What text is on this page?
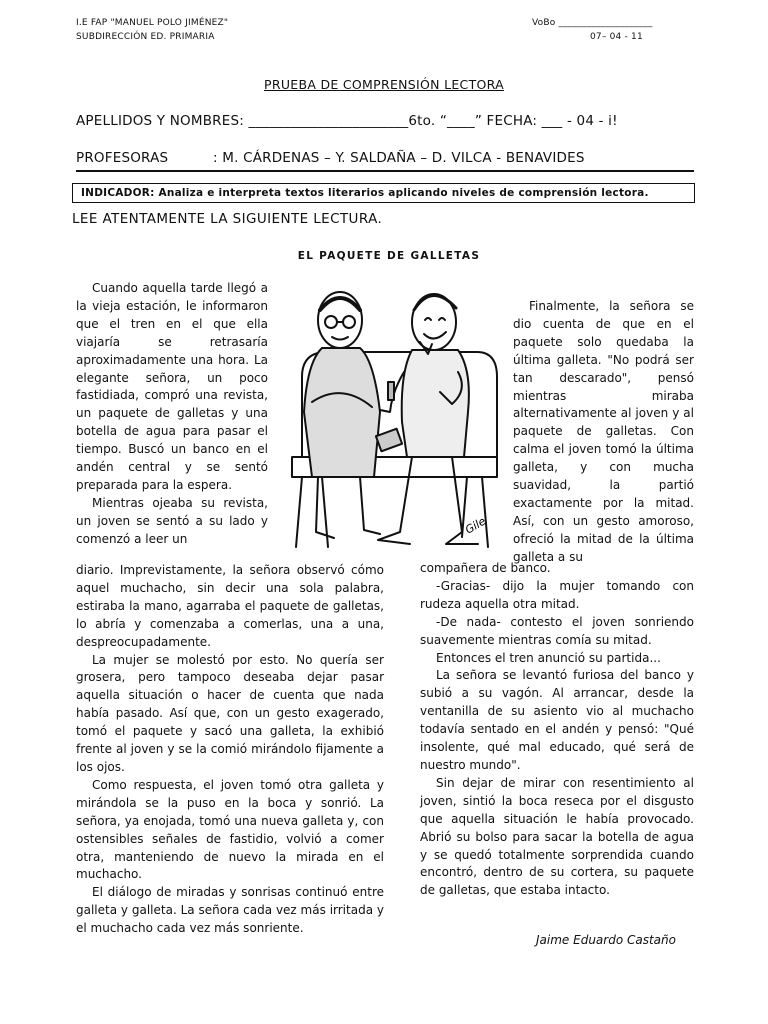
I.E FAP "MANUEL POLO JIMÉNEZ"
SUBDIRECCIÓN ED. PRIMARIA
VoBo ____________________
07– 04 - 11
PRUEBA DE COMPRENSIÓN LECTORA
APELLIDOS Y NOMBRES: _______________________6to. “____” FECHA: ___ - 04 - i!
PROFESORAS	: M. CÁRDENAS – Y. SALDAÑA – D. VILCA - BENAVIDES
INDICADOR: Analiza e interpreta textos literarios aplicando niveles de comprensión lectora.
LEE ATENTAMENTE LA SIGUIENTE LECTURA.
EL PAQUETE DE GALLETAS

Cuando aquella tarde llegó a la vieja estación, le informaron que el tren en el que ella viajaría se retrasaría aproximadamente una hora. La elegante señora, un poco fastidiada, compró una revista, un paquete de galletas y una botella de agua para pasar el tiempo. Buscó un banco en el andén central y se sentó preparada para la espera.

Mientras ojeaba su revista, un joven se sentó a su lado y comenzó a leer un

diario. Imprevistamente, la señora observó cómo aquel muchacho, sin decir una sola palabra, estiraba la mano, agarraba el paquete de galletas, lo abría y comenzaba a comerlas, una a una, despreocupadamente.

La mujer se molestó por esto. No quería ser grosera, pero tampoco deseaba dejar pasar aquella situación o hacer de cuenta que nada había pasado. Así que, con un gesto exagerado, tomó el paquete y sacó una galleta, la exhibió frente al joven y se la comió mirándolo fijamente a los ojos.

Como respuesta, el joven tomó otra galleta y mirándola se la puso en la boca y sonrió. La señora, ya enojada, tomó una nueva galleta y, con ostensibles señales de fastidio, volvió a comer otra, manteniendo de nuevo la mirada en el muchacho.

El diálogo de miradas y sonrisas continuó entre galleta y galleta. La señora cada vez más irritada y el muchacho cada vez más sonriente.

Gile

Finalmente, la señora se dio cuenta de que en el paquete solo quedaba la última galleta. "No podrá ser tan descarado", pensó mientras miraba alternativamente al joven y al paquete de galletas. Con calma el joven tomó la última galleta, y con mucha suavidad, la partió exactamente por la mitad. Así, con un gesto amoroso, ofreció la mitad de la última galleta a su

compañera de banco.

-Gracias- dijo la mujer tomando con rudeza aquella otra mitad.

-De nada- contesto el joven sonriendo suavemente mientras comía su mitad.

Entonces el tren anunció su partida...

La señora se levantó furiosa del banco y subió a su vagón. Al arrancar, desde la ventanilla de su asiento vio al muchacho todavía sentado en el andén y pensó: "Qué insolente, qué mal educado, qué será de nuestro mundo".

Sin dejar de mirar con resentimiento al joven, sintió la boca reseca por el disgusto que aquella situación le había provocado. Abrió su bolso para sacar la botella de agua y se quedó totalmente sorprendida cuando encontró, dentro de su cortera, su paquete de galletas, que estaba intacto.

Jaime Eduardo Castaño
